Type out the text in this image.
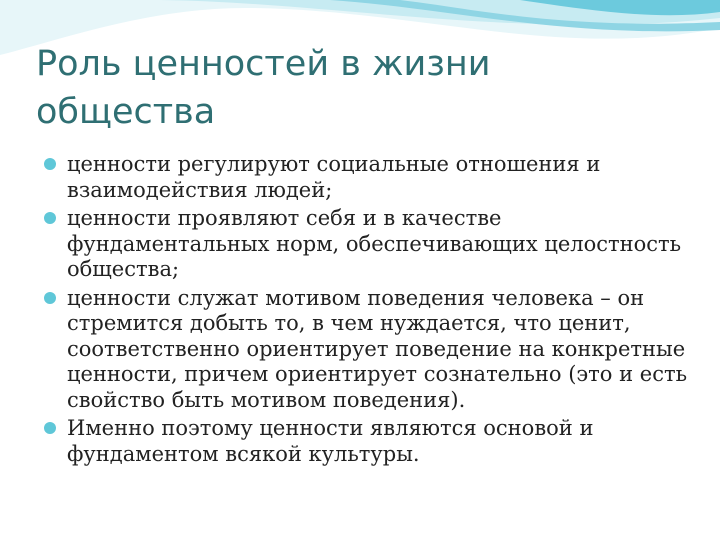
Роль ценностей в жизни общества
ценности регулируют социальные отношения и взаимодействия людей;
ценности проявляют себя и в качестве фундаментальных норм, обеспечивающих целостность общества;
ценности служат мотивом поведения человека – он стремится добыть то, в чем нуждается, что ценит, соответственно ориентирует поведение на конкретные ценности, причем ориентирует сознательно (это и есть свойство быть мотивом поведения).
Именно поэтому ценности являются основой и фундаментом всякой культуры.
